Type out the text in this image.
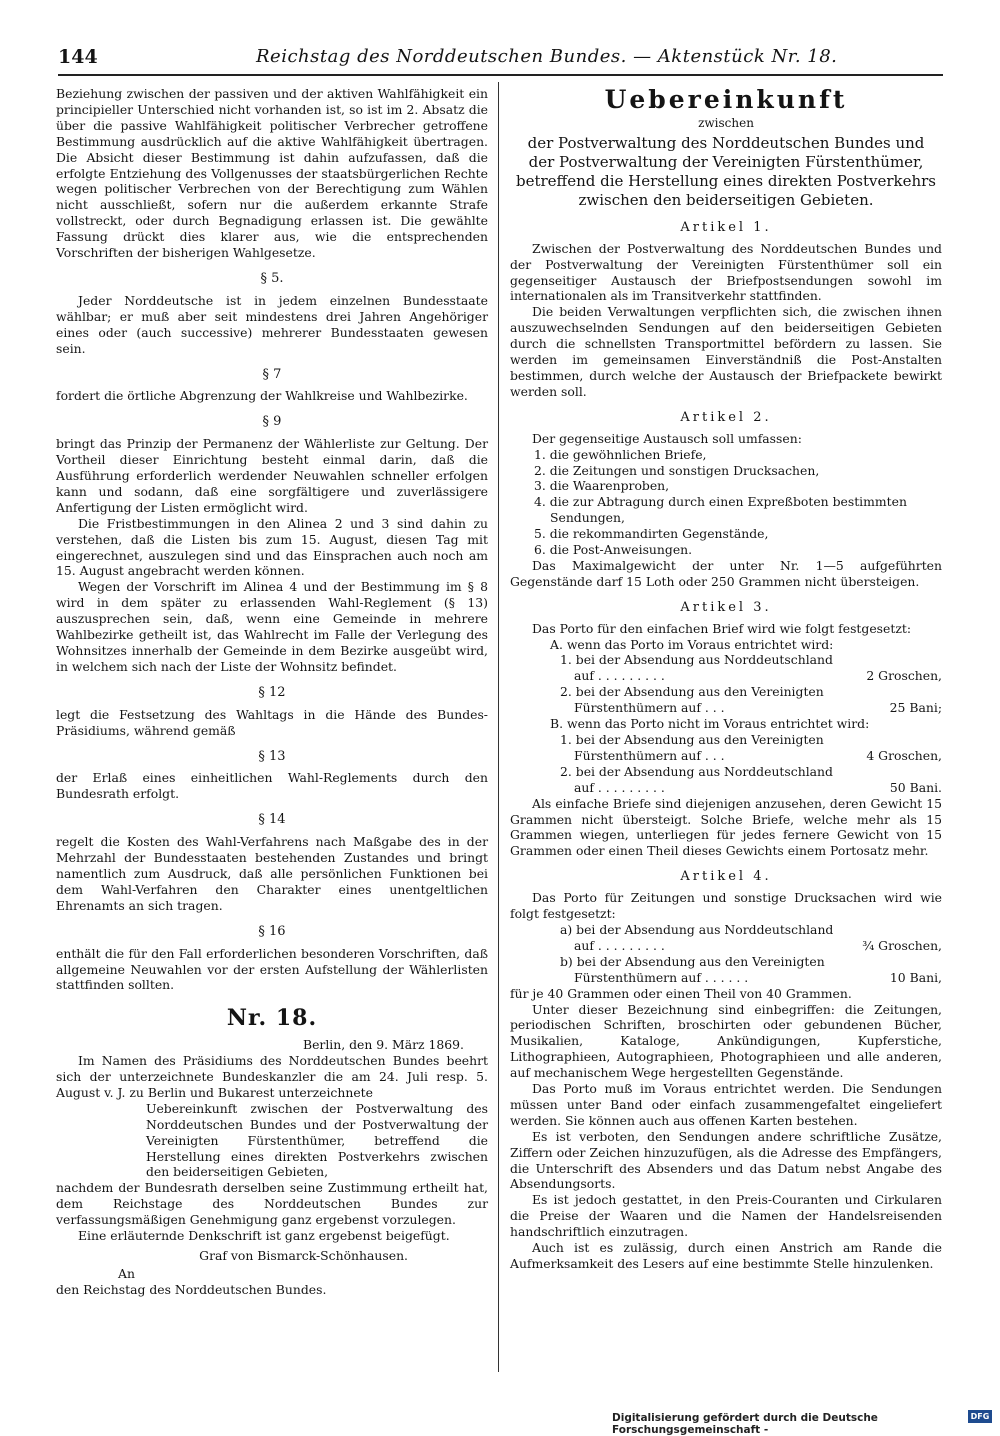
144	Reichstag des Norddeutschen Bundes. — Aktenstück Nr. 18.

Beziehung zwischen der passiven und der aktiven Wahlfähigkeit ein principieller Unterschied nicht vorhanden ist, so ist im 2. Absatz die über die passive Wahlfähigkeit politischer Verbrecher getroffene Bestimmung ausdrücklich auf die aktive Wahlfähigkeit übertragen. Die Absicht dieser Bestimmung ist dahin aufzufassen, daß die erfolgte Entziehung des Vollgenusses der staatsbürgerlichen Rechte wegen politischer Verbrechen von der Berechtigung zum Wählen nicht ausschließt, sofern nur die außerdem erkannte Strafe vollstreckt, oder durch Begnadigung erlassen ist. Die gewählte Fassung drückt dies klarer aus, wie die entsprechenden Vorschriften der bisherigen Wahlgesetze.

§ 5.

Jeder Norddeutsche ist in jedem einzelnen Bundesstaate wählbar; er muß aber seit mindestens drei Jahren Angehöriger eines oder (auch successive) mehrerer Bundesstaaten gewesen sein.

§ 7

fordert die örtliche Abgrenzung der Wahlkreise und Wahlbezirke.

§ 9

bringt das Prinzip der Permanenz der Wählerliste zur Geltung. Der Vortheil dieser Einrichtung besteht einmal darin, daß die Ausführung erforderlich werdender Neuwahlen schneller erfolgen kann und sodann, daß eine sorgfältigere und zuverlässigere Anfertigung der Listen ermöglicht wird.

Die Fristbestimmungen in den Alinea 2 und 3 sind dahin zu verstehen, daß die Listen bis zum 15. August, diesen Tag mit eingerechnet, auszulegen sind und das Einsprachen auch noch am 15. August angebracht werden können.

Wegen der Vorschrift im Alinea 4 und der Bestimmung im § 8 wird in dem später zu erlassenden Wahl-Reglement (§ 13) auszusprechen sein, daß, wenn eine Gemeinde in mehrere Wahlbezirke getheilt ist, das Wahlrecht im Falle der Verlegung des Wohnsitzes innerhalb der Gemeinde in dem Bezirke ausgeübt wird, in welchem sich nach der Liste der Wohnsitz befindet.

§ 12

legt die Festsetzung des Wahltags in die Hände des Bundes-Präsidiums, während gemäß

§ 13

der Erlaß eines einheitlichen Wahl-Reglements durch den Bundesrath erfolgt.

§ 14

regelt die Kosten des Wahl-Verfahrens nach Maßgabe des in der Mehrzahl der Bundesstaaten bestehenden Zustandes und bringt namentlich zum Ausdruck, daß alle persönlichen Funktionen bei dem Wahl-Verfahren den Charakter eines unentgeltlichen Ehrenamts an sich tragen.

§ 16

enthält die für den Fall erforderlichen besonderen Vorschriften, daß allgemeine Neuwahlen vor der ersten Aufstellung der Wählerlisten stattfinden sollten.

Nr. 18.

Berlin, den 9. März 1869.

Im Namen des Präsidiums des Norddeutschen Bundes beehrt sich der unterzeichnete Bundeskanzler die am 24. Juli resp. 5. August v. J. zu Berlin und Bukarest unterzeichnete

Uebereinkunft zwischen der Postverwaltung des Norddeutschen Bundes und der Postverwaltung der Vereinigten Fürstenthümer, betreffend die Herstellung eines direkten Postverkehrs zwischen den beiderseitigen Gebieten,

nachdem der Bundesrath derselben seine Zustimmung ertheilt hat, dem Reichstage des Norddeutschen Bundes zur verfassungsmäßigen Genehmigung ganz ergebenst vorzulegen.

Eine erläuternde Denkschrift ist ganz ergebenst beigefügt.

Graf von Bismarck-Schönhausen.

An

den Reichstag des Norddeutschen Bundes.

Uebereinkunft
zwischen
der Postverwaltung des Norddeutschen Bundes und
der Postverwaltung der Vereinigten Fürstenthümer,
betreffend die Herstellung eines direkten Postverkehrs
zwischen den beiderseitigen Gebieten.
Artikel 1.

Zwischen der Postverwaltung des Norddeutschen Bundes und der Postverwaltung der Vereinigten Fürstenthümer soll ein gegenseitiger Austausch der Briefpostsendungen sowohl im internationalen als im Transitverkehr stattfinden.

Die beiden Verwaltungen verpflichten sich, die zwischen ihnen auszuwechselnden Sendungen auf den beiderseitigen Gebieten durch die schnellsten Transportmittel befördern zu lassen. Sie werden im gemeinsamen Einverständniß die Post-Anstalten bestimmen, durch welche der Austausch der Briefpackete bewirkt werden soll.

Artikel 2.

Der gegenseitige Austausch soll umfassen:

1. die gewöhnlichen Briefe,

2. die Zeitungen und sonstigen Drucksachen,

3. die Waarenproben,

4. die zur Abtragung durch einen Expreßboten bestimmten Sendungen,

5. die rekommandirten Gegenstände,

6. die Post-Anweisungen.

Das Maximalgewicht der unter Nr. 1—5 aufgeführten Gegenstände darf 15 Loth oder 250 Grammen nicht übersteigen.

Artikel 3.

Das Porto für den einfachen Brief wird wie folgt festgesetzt:

A. wenn das Porto im Voraus entrichtet wird:

1. bei der Absendung aus Norddeutschland auf . . . . . . . . .	2 Groschen,
2. bei der Absendung aus den Vereinigten Fürstenthümern auf . . .	25 Bani;

B. wenn das Porto nicht im Voraus entrichtet wird:

1. bei der Absendung aus den Vereinigten Fürstenthümern auf . . .	4 Groschen,
2. bei der Absendung aus Norddeutschland auf . . . . . . . . .	50 Bani.

Als einfache Briefe sind diejenigen anzusehen, deren Gewicht 15 Grammen nicht übersteigt. Solche Briefe, welche mehr als 15 Grammen wiegen, unterliegen für jedes fernere Gewicht von 15 Grammen oder einen Theil dieses Gewichts einem Portosatz mehr.

Artikel 4.

Das Porto für Zeitungen und sonstige Drucksachen wird wie folgt festgesetzt:

a) bei der Absendung aus Norddeutschland auf . . . . . . . . .	¾ Groschen,
b) bei der Absendung aus den Vereinigten Fürstenthümern auf . . . . . .	10 Bani,

für je 40 Grammen oder einen Theil von 40 Grammen.

Unter dieser Bezeichnung sind einbegriffen: die Zeitungen, periodischen Schriften, broschirten oder gebundenen Bücher, Musikalien, Kataloge, Ankündigungen, Kupferstiche, Lithographieen, Autographieen, Photographieen und alle anderen, auf mechanischem Wege hergestellten Gegenstände.

Das Porto muß im Voraus entrichtet werden. Die Sendungen müssen unter Band oder einfach zusammengefaltet eingeliefert werden. Sie können auch aus offenen Karten bestehen.

Es ist verboten, den Sendungen andere schriftliche Zusätze, Ziffern oder Zeichen hinzuzufügen, als die Adresse des Empfängers, die Unterschrift des Absenders und das Datum nebst Angabe des Absendungsorts.

Es ist jedoch gestattet, in den Preis-Couranten und Cirkularen die Preise der Waaren und die Namen der Handelsreisenden handschriftlich einzutragen.

Auch ist es zulässig, durch einen Anstrich am Rande die Aufmerksamkeit des Lesers auf eine bestimmte Stelle hinzulenken.

Digitalisierung gefördert durch die Deutsche Forschungsgemeinschaft -
DFG
